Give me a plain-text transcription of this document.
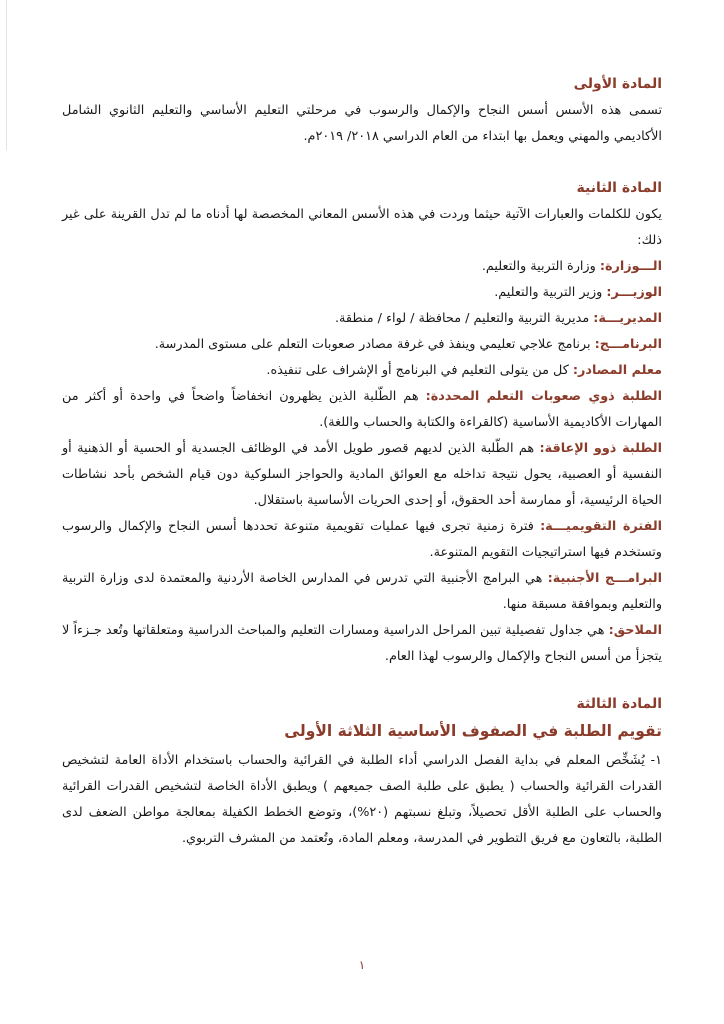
المادة الأولى

تسمى هذه الأسس أسس النجاح والإكمال والرسوب في مرحلتي التعليم الأساسي والتعليم الثانوي الشامل الأكاديمي والمهني ويعمل بها ابتداء من العام الدراسي ٢٠١٨/ ٢٠١٩م.

المادة الثانية

يكون للكلمات والعبارات الآتية حيثما وردت في هذه الأسس المعاني المخصصة لها أدناه ما لم تدل القرينة على غير ذلك:

الـــوزارة: وزارة التربية والتعليم.

الوزيـــر: وزير التربية والتعليم.

المديريـــة: مديرية التربية والتعليم / محافظة / لواء / منطقة.

البرنامـــج: برنامج علاجي تعليمي وينفذ في غرفة مصادر صعوبات التعلم على مستوى المدرسة.

معلم المصادر: كل من يتولى التعليم في البرنامج أو الإشراف على تنفيذه.

الطلبة ذوي صعوبات التعلم المحددة: هم الطّلبة الذين يظهرون انخفاضاً واضحاً في واحدة أو أكثر من المهارات الأكاديمية الأساسية (كالقراءة والكتابة والحساب واللغة).

الطلبة ذوو الإعاقة: هم الطّلبة الذين لديهم قصور طويل الأمد في الوظائف الجسدية أو الحسية أو الذهنية أو النفسية أو العصبية، يحول نتيجة تداخله مع العوائق المادية والحواجز السلوكية دون قيام الشخص بأحد نشاطات الحياة الرئيسية، أو ممارسة أحد الحقوق، أو إحدى الحريات الأساسية باستقلال.

الفترة التقويميـــة: فترة زمنية تجرى فيها عمليات تقويمية متنوعة تحددها أسس النجاح والإكمال والرسوب وتستخدم فيها استراتيجيات التقويم المتنوعة.

البرامـــج الأجنبية: هي البرامج الأجنبية التي تدرس في المدارس الخاصة الأردنية والمعتمدة لدى وزارة التربية والتعليم وبموافقة مسبقة منها.

الملاحق: هي جداول تفصيلية تبين المراحل الدراسية ومسارات التعليم والمباحث الدراسية ومتعلقاتها وتُعد جـزءاً لا يتجزأ من أسس النجاح والإكمال والرسوب لهذا العام.

المادة الثالثة
تقويم الطلبة في الصفوف الأساسية الثلاثة الأولى

١- يُشَخِّص المعلم في بداية الفصل الدراسي أداء الطلبة في القرائية والحساب باستخدام الأداة العامة لتشخيص القدرات القرائية والحساب ( يطبق على طلبة الصف جميعهم ) ويطبق الأداة الخاصة لتشخيص القدرات القرائية والحساب على الطلبة الأقل تحصيلاً، وتبلغ نسبتهم (٢٠%)، وتوضع الخطط الكفيلة بمعالجة مواطن الضعف لدى الطلبة، بالتعاون مع فريق التطوير في المدرسة، ومعلم المادة، وتُعتمد من المشرف التربوي.

١
